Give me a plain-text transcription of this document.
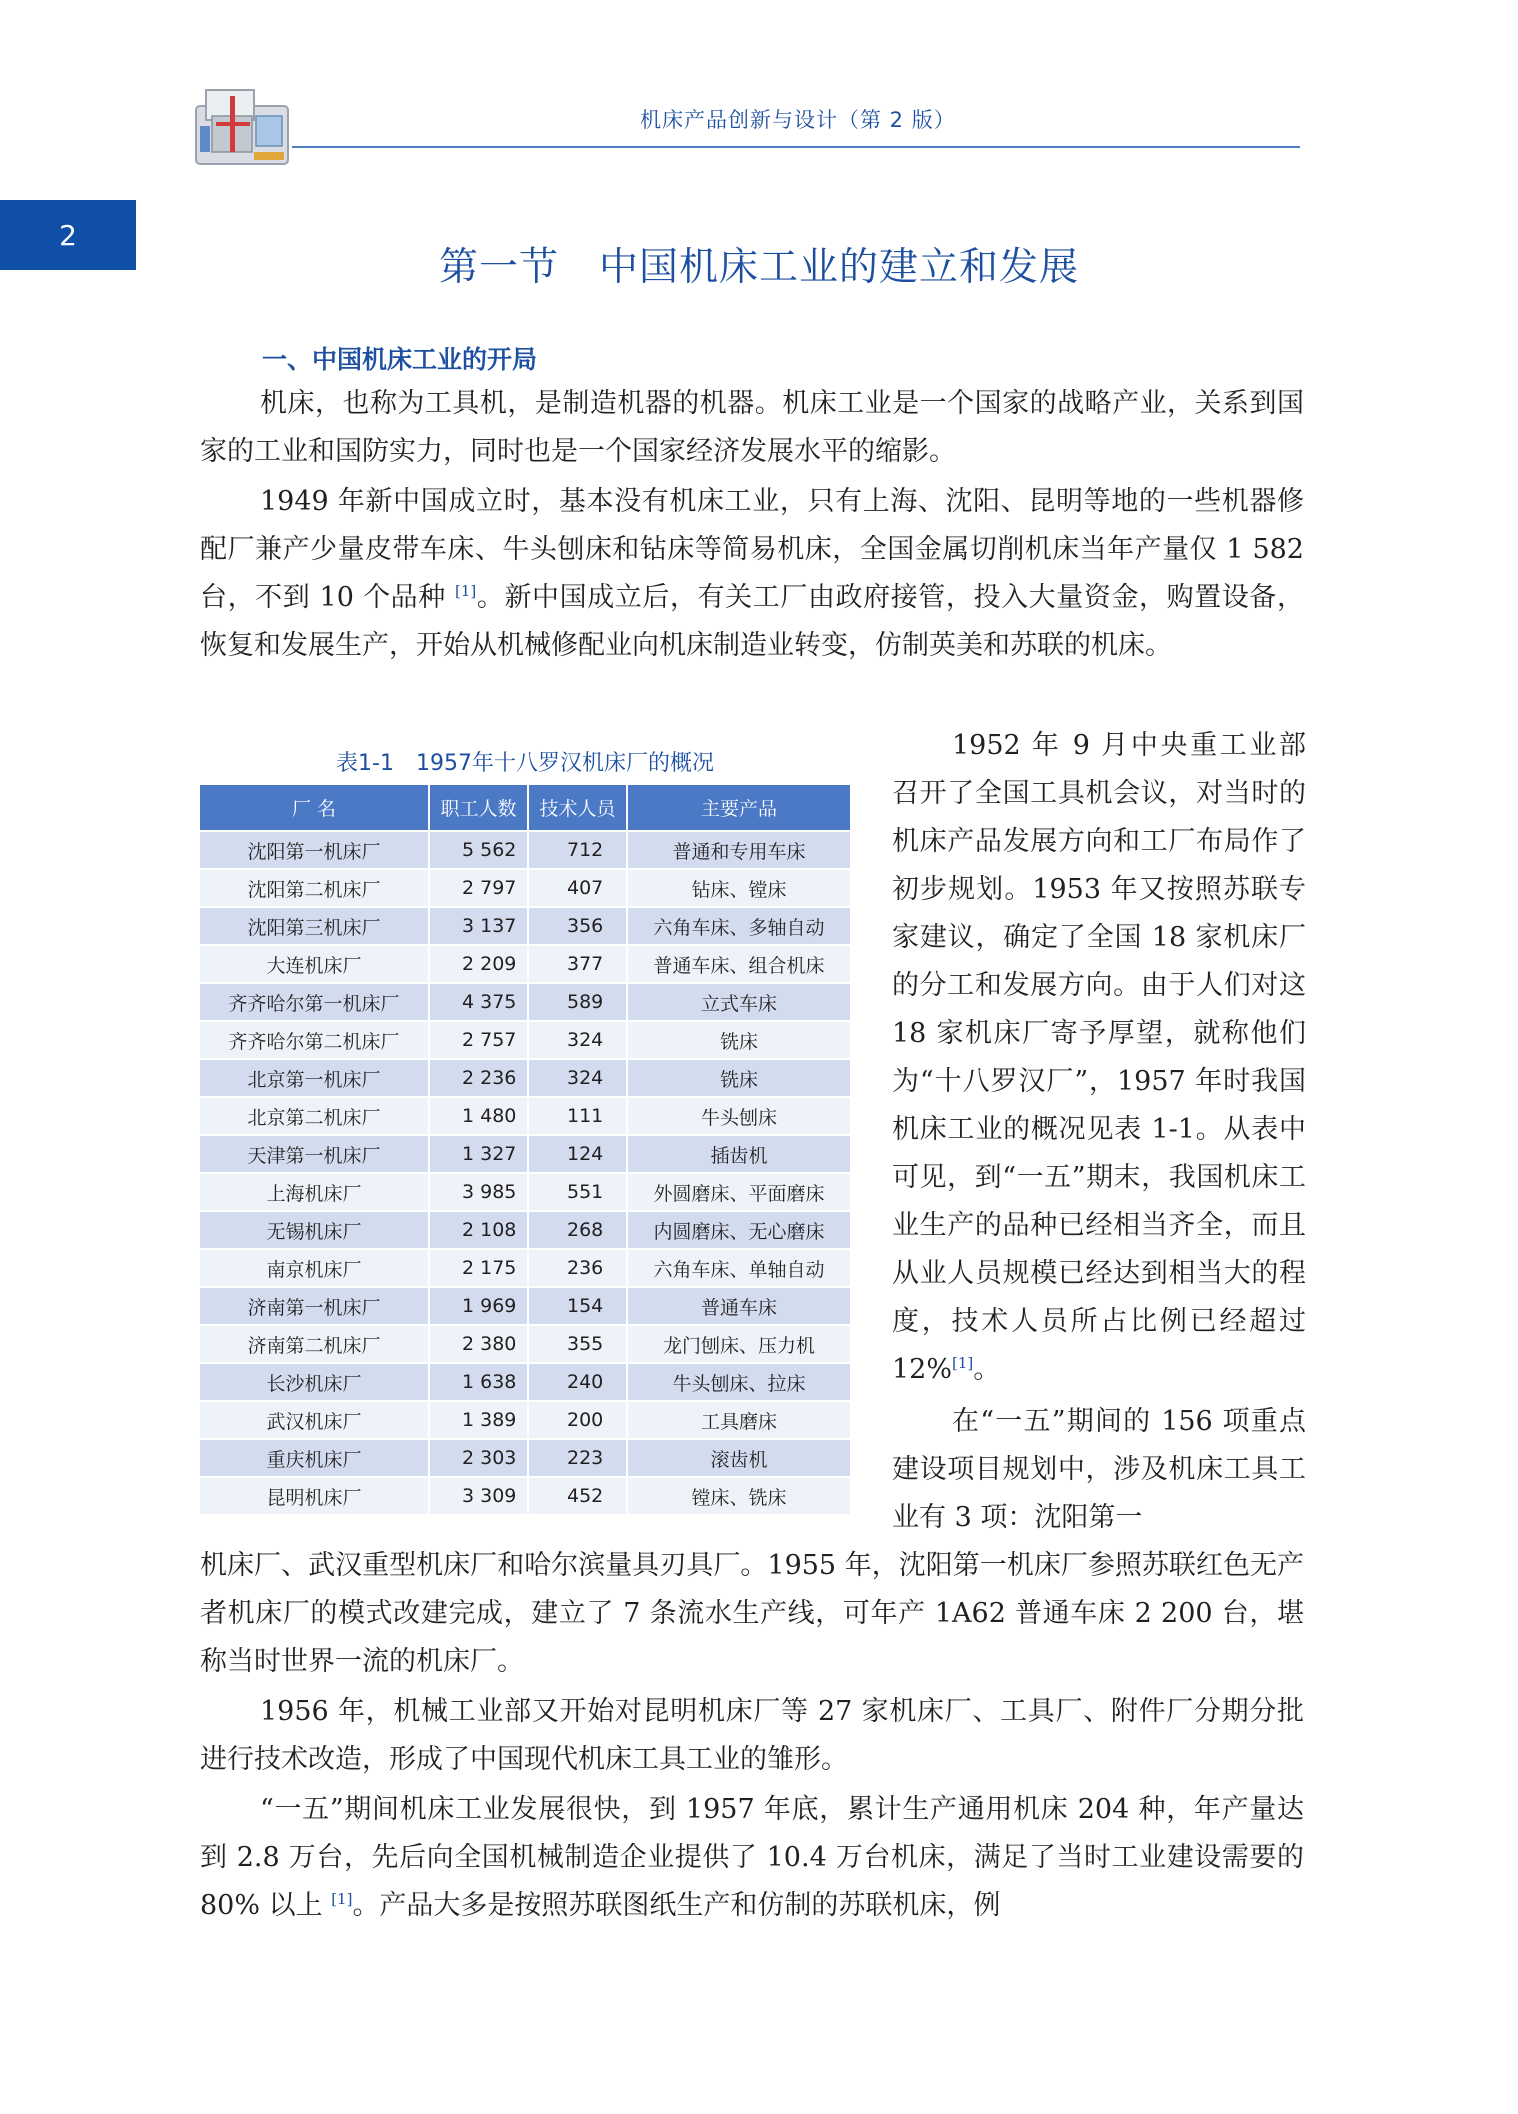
机床产品创新与设计（第 2 版）
2
第一节　中国机床工业的建立和发展
一、中国机床工业的开局

机床，也称为工具机，是制造机器的机器。机床工业是一个国家的战略产业，关系到国家的工业和国防实力，同时也是一个国家经济发展水平的缩影。

1949 年新中国成立时，基本没有机床工业，只有上海、沈阳、昆明等地的一些机器修配厂兼产少量皮带车床、牛头刨床和钻床等简易机床，全国金属切削机床当年产量仅 1 582 台，不到 10 个品种 [1]。新中国成立后，有关工厂由政府接管，投入大量资金，购置设备，恢复和发展生产，开始从机械修配业向机床制造业转变，仿制英美和苏联的机床。

表1-1　1957年十八罗汉机床厂的概况
厂 名	职工人数	技术人员	主要产品
沈阳第一机床厂	5 562	712	普通和专用车床
沈阳第二机床厂	2 797	407	钻床、镗床
沈阳第三机床厂	3 137	356	六角车床、多轴自动
大连机床厂	2 209	377	普通车床、组合机床
齐齐哈尔第一机床厂	4 375	589	立式车床
齐齐哈尔第二机床厂	2 757	324	铣床
北京第一机床厂	2 236	324	铣床
北京第二机床厂	1 480	111	牛头刨床
天津第一机床厂	1 327	124	插齿机
上海机床厂	3 985	551	外圆磨床、平面磨床
无锡机床厂	2 108	268	内圆磨床、无心磨床
南京机床厂	2 175	236	六角车床、单轴自动
济南第一机床厂	1 969	154	普通车床
济南第二机床厂	2 380	355	龙门刨床、压力机
长沙机床厂	1 638	240	牛头刨床、拉床
武汉机床厂	1 389	200	工具磨床
重庆机床厂	2 303	223	滚齿机
昆明机床厂	3 309	452	镗床、铣床

1952 年 9 月中央重工业部召开了全国工具机会议，对当时的机床产品发展方向和工厂布局作了初步规划。1953 年又按照苏联专家建议，确定了全国 18 家机床厂的分工和发展方向。由于人们对这 18 家机床厂寄予厚望，就称他们为“十八罗汉厂”，1957 年时我国机床工业的概况见表 1-1。从表中可见，到“一五”期末，我国机床工业生产的品种已经相当齐全，而且从业人员规模已经达到相当大的程度，技术人员所占比例已经超过 12%[1]。

在“一五”期间的 156 项重点建设项目规划中，涉及机床工具工业有 3 项：沈阳第一

机床厂、武汉重型机床厂和哈尔滨量具刃具厂。1955 年，沈阳第一机床厂参照苏联红色无产者机床厂的模式改建完成，建立了 7 条流水生产线，可年产 1A62 普通车床 2 200 台，堪称当时世界一流的机床厂。

1956 年，机械工业部又开始对昆明机床厂等 27 家机床厂、工具厂、附件厂分期分批进行技术改造，形成了中国现代机床工具工业的雏形。

“一五”期间机床工业发展很快，到 1957 年底，累计生产通用机床 204 种，年产量达到 2.8 万台，先后向全国机械制造企业提供了 10.4 万台机床，满足了当时工业建设需要的 80% 以上 [1]。产品大多是按照苏联图纸生产和仿制的苏联机床，例
